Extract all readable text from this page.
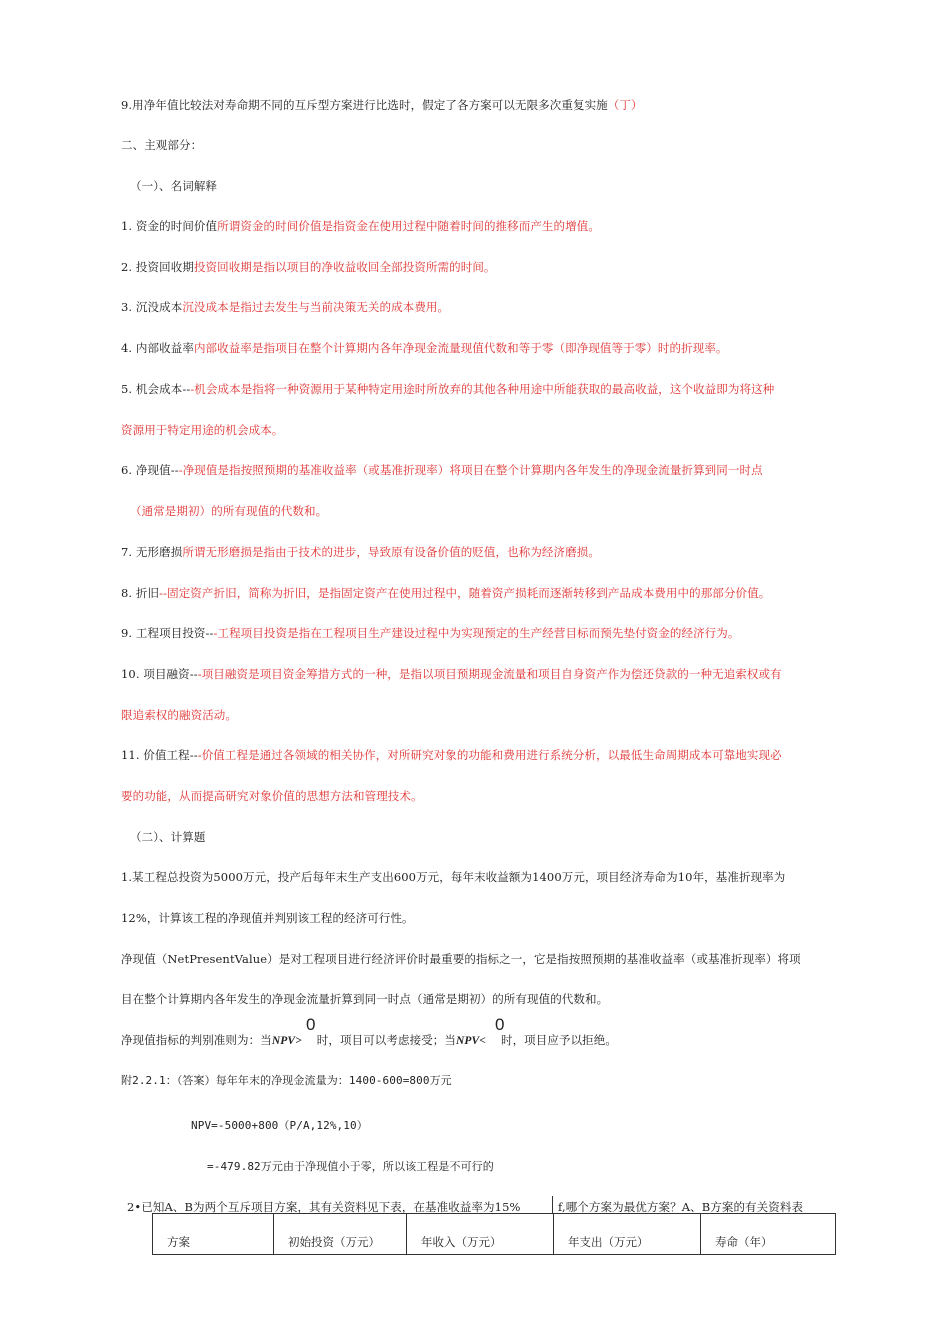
9.用净年值比较法对寿命期不同的互斥型方案进行比选时，假定了各方案可以无限多次重复实施（丁）
二、主观部分：
（一）、名词解释
1. 资金的时间价值所谓资金的时间价值是指资金在使用过程中随着时间的推移而产生的增值。
2. 投资回收期投资回收期是指以项目的净收益收回全部投资所需的时间。
3. 沉没成本沉没成本是指过去发生与当前决策无关的成本费用。
4. 内部收益率内部收益率是指项目在整个计算期内各年净现金流量现值代数和等于零（即净现值等于零）时的折现率。
5. 机会成本---机会成本是指将一种资源用于某种特定用途时所放弃的其他各种用途中所能获取的最高收益，这个收益即为将这种
资源用于特定用途的机会成本。
6. 净现值---净现值是指按照预期的基准收益率（或基准折现率）将项目在整个计算期内各年发生的净现金流量折算到同一时点
（通常是期初）的所有现值的代数和。
7. 无形磨损所谓无形磨损是指由于技术的进步，导致原有设备价值的贬值，也称为经济磨损。
8. 折旧--固定资产折旧，简称为折旧，是指固定资产在使用过程中，随着资产损耗而逐渐转移到产品成本费用中的那部分价值。
9. 工程项目投资---工程项目投资是指在工程项目生产建设过程中为实现预定的生产经营目标而预先垫付资金的经济行为。
10. 项目融资---项目融资是项目资金筹措方式的一种，是指以项目预期现金流量和项目自身资产作为偿还贷款的一种无追索权或有
限追索权的融资活动。
11. 价值工程---价值工程是通过各领域的相关协作，对所研究对象的功能和费用进行系统分析，以最低生命周期成本可靠地实现必
要的功能，从而提高研究对象价值的思想方法和管理技术。
（二）、计算题
1.某工程总投资为5000万元，投产后每年末生产支出600万元，每年末收益额为1400万元，项目经济寿命为10年，基准折现率为
12%，计算该工程的净现值并判别该工程的经济可行性。
净现值（NetPresentValue）是对工程项目进行经济评价时最重要的指标之一，它是指按照预期的基准收益率（或基准折现率）将项
目在整个计算期内各年发生的净现金流量折算到同一时点（通常是期初）的所有现值的代数和。
净现值指标的判别准则为：当NPV> 时，项目可以考虑接受；当NPV< 时，项目应予以拒绝。
0	0
附2.2.1：（答案）每年年末的净现金流量为：1400-600=800万元
NPV=-5000+800（P/A,12%,10）
=-479.82万元由于净现值小于零，所以该工程是不可行的
2•已知A、B为两个互斥项目方案，其有关资料见下表，在基准收益率为15%	f,哪个方案为最优方案？A、B方案的有关资料表
方案	初始投资（万元）	年收入（万元）	年支出（万元）	寿命（年）
